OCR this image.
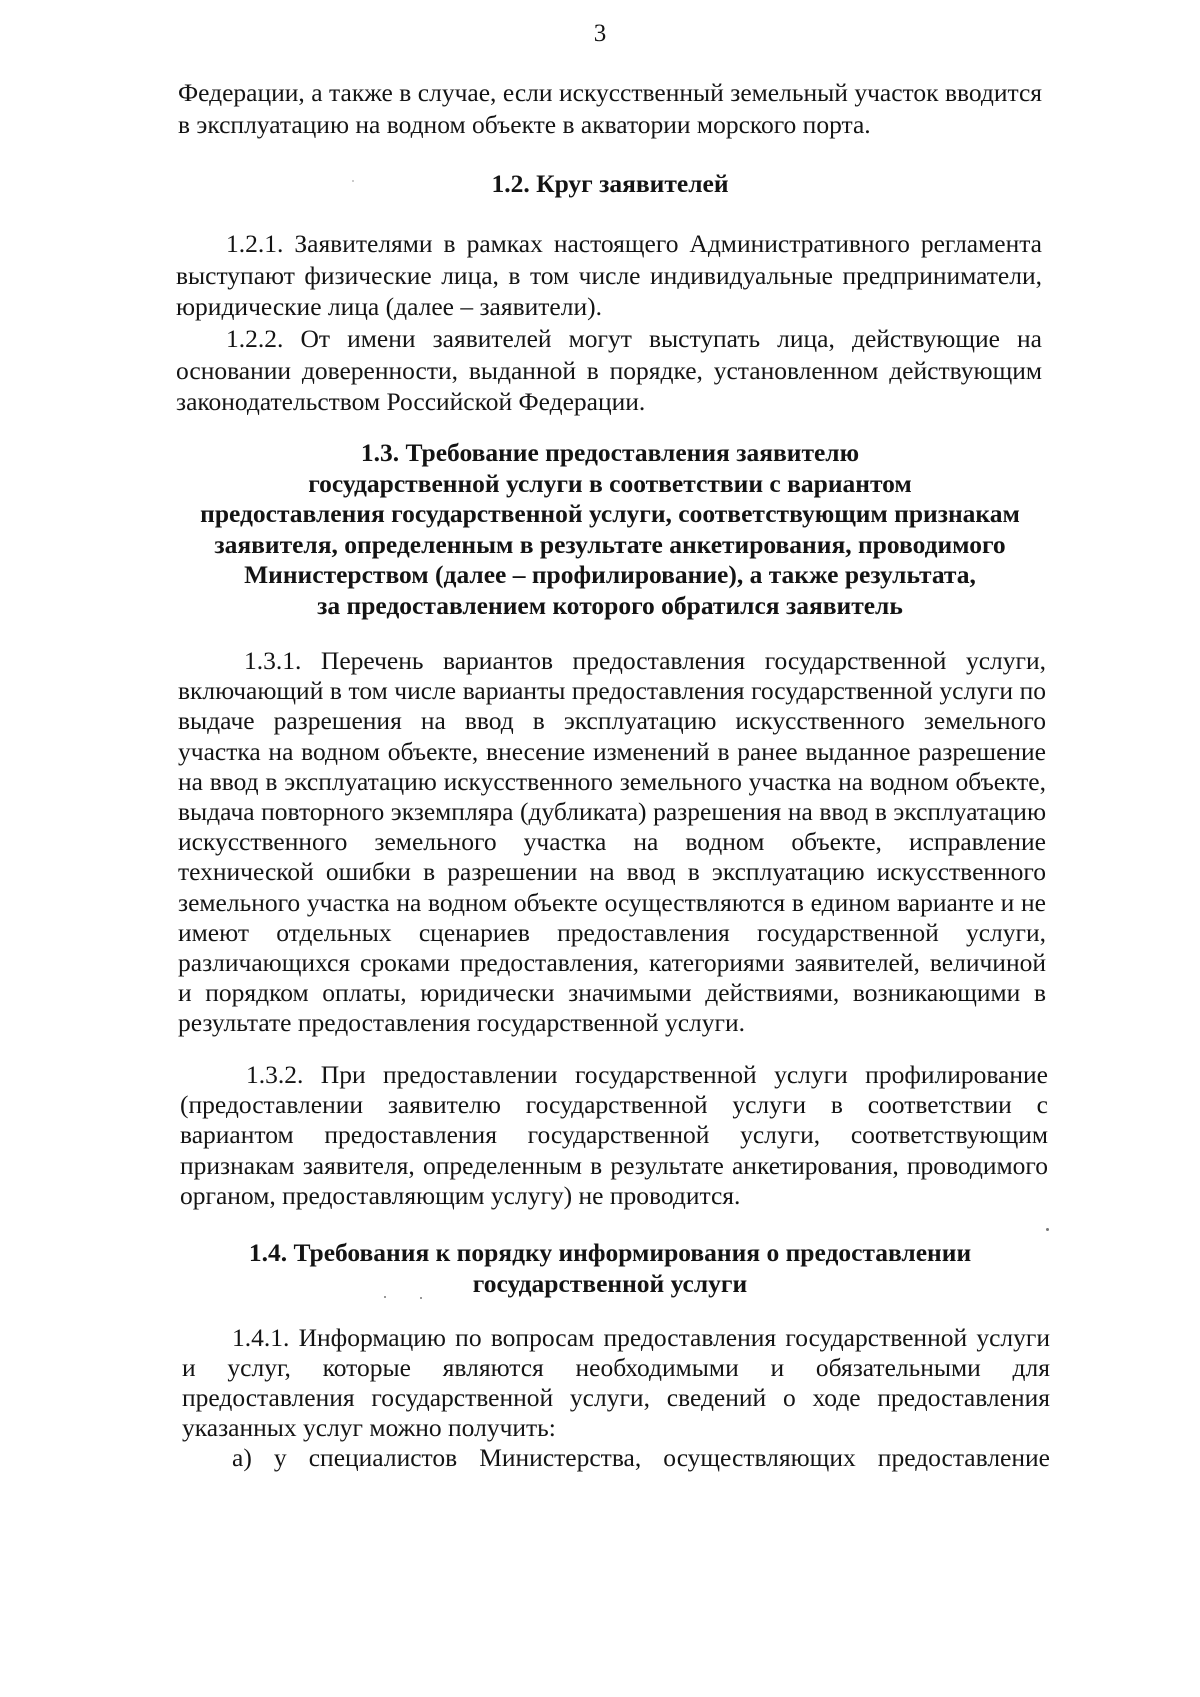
3
Федерации, а также в случае, если искусственный земельный участок вводится в эксплуатацию на водном объекте в акватории морского порта.
1.2. Круг заявителей
1.2.1. Заявителями в рамках настоящего Административного регламента выступают физические лица, в том числе индивидуальные предприниматели, юридические лица (далее – заявители).
1.2.2. От имени заявителей могут выступать лица, действующие на основании доверенности, выданной в порядке, установленном действующим законодательством Российской Федерации.
1.3. Требование предоставления заявителю
государственной услуги в соответствии с вариантом
предоставления государственной услуги, соответствующим признакам
заявителя, определенным в результате анкетирования, проводимого
Министерством (далее – профилирование), а также результата,
за предоставлением которого обратился заявитель
1.3.1. Перечень вариантов предоставления государственной услуги, включающий в том числе варианты предоставления государственной услуги по выдаче разрешения на ввод в эксплуатацию искусственного земельного участка на водном объекте, внесение изменений в ранее выданное разрешение на ввод в эксплуатацию искусственного земельного участка на водном объекте, выдача повторного экземпляра (дубликата) разрешения на ввод в эксплуатацию искусственного земельного участка на водном объекте, исправление технической ошибки в разрешении на ввод в эксплуатацию искусственного земельного участка на водном объекте осуществляются в едином варианте и не имеют отдельных сценариев предоставления государственной услуги, различающихся сроками предоставления, категориями заявителей, величиной и порядком оплаты, юридически значимыми действиями, возникающими в результате предоставления государственной услуги.
1.3.2. При предоставлении государственной услуги профилирование (предоставлении заявителю государственной услуги в соответствии с вариантом предоставления государственной услуги, соответствующим признакам заявителя, определенным в результате анкетирования, проводимого органом, предоставляющим услугу) не проводится.
1.4. Требования к порядку информирования о предоставлении
государственной услуги
1.4.1. Информацию по вопросам предоставления государственной услуги и услуг, которые являются необходимыми и обязательными для предоставления государственной услуги, сведений о ходе предоставления указанных услуг можно получить:
а) у специалистов Министерства, осуществляющих предоставление
